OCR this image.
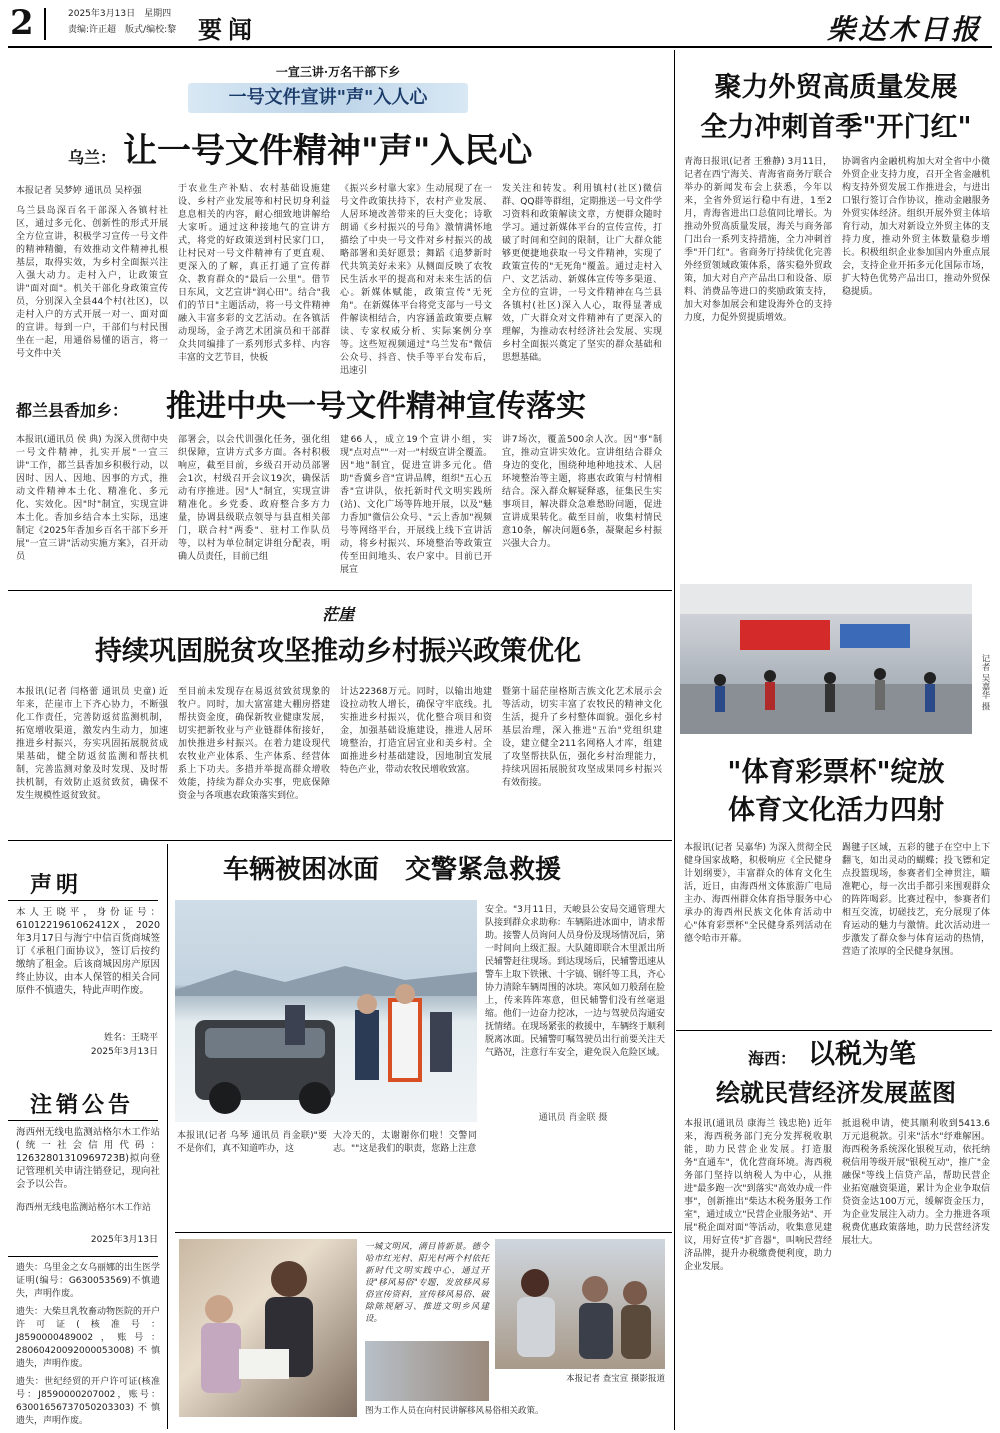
2	2025年3月13日　星期四
责编:许正超　版式/编校:黎 要闻	柴达木日报
一宣三讲·万名干部下乡
一号文件宣讲"声"入人心
乌兰： 让一号文件精神"声"入民心
本报记者 吴梦婷 通讯员 吴梓强
乌兰县岛深百名干部深入各镇村社区，通过多元化、创新性的形式开展全方位宣讲，积极学习宣传一号文件的精神精髓，有效推动文件精神扎根基层，取得实效，为乡村全面振兴注入强大动力。走村入户，让政策宣讲"面对面"。机关干部化身政策宣传员，分别深入全县44个村(社区)，以走村入户的方式开展一对一、面对面的宣讲。每到一户，干部们与村民围坐在一起，用通俗易懂的语言，将一号文件中关
于农业生产补贴、农村基础设施建设、乡村产业发展等和村民切身利益息息相关的内容，耐心细致地讲解给大家听。通过这种接地气的宣讲方式，将党的好政策送到村民家门口，让村民对一号文件精神有了更直观、更深入的了解，真正打通了宣传群众、教育群众的"最后一公里"。借节日东风，文艺宣讲"润心田"。结合"我们的节日"主题活动，将一号文件精神融入丰富多彩的文艺活动。在各镇活动现场，金子湾艺术团演员和干部群众共同编排了一系列形式多样、内容丰富的文艺节目，快板
《振兴乡村靠大家》生动展现了在一号文件政策扶持下，农村产业发展、人居环境改善带来的巨大变化；诗歌朗诵《乡村振兴的号角》激情满怀地描绘了中央一号文件对乡村振兴的战略部署和美好愿景；舞蹈《追梦新时代共筑美好未来》从侧面反映了农牧民生活水平的提高和对未来生活的信心。新媒体赋能，政策宣传"无死角"。在新媒体平台将党支部与一号文件解读相结合，内容涵盖政策要点解读、专家权威分析、实际案例分享等。这些短视频通过"乌兰发布"微信公众号、抖音、快手等平台发布后，迅速引
发关注和转发。利用镇村(社区)微信群、QQ群等群组，定期推送一号文件学习资料和政策解读文章，方便群众随时学习。通过新媒体平台的宣传宣传，打破了时间和空间的限制，让广大群众能够更便捷地获取一号文件精神，实现了政策宣传的"无死角"覆盖。通过走村入户、文艺活动、新媒体宣传等多渠道、全方位的宣讲，一号文件精神在乌兰县各镇村(社区)深入人心，取得显著成效，广大群众对文件精神有了更深入的理解，为推动农村经济社会发展、实现乡村全面振兴奠定了坚实的群众基础和思想基础。
都兰县香加乡： 推进中央一号文件精神宣传落实
本报讯(通讯员 侯 典) 为深入贯彻中央一号文件精神，扎实开展"一宣三讲"工作，都兰县香加乡积极行动，以因时、因人、因地、因事的方式，推动文件精神本土化、精准化、多元化、实效化。因"时"制宜，实现宣讲本土化。香加乡结合本土实际，迅速制定《2025年香加乡百名干部下乡开展"一宣三讲"活动实施方案》，召开动员
部署会，以会代训强化任务，强化组织保障，宣讲方式多方面。各村积极响应，截至目前，乡级召开动员部署会1次，村级召开会议19次，确保活动有序推进。因"人"制宜，实现宣讲精准化。乡党委、政府整合多方力量，协调县级联点领导与县直相关部门，联合村"两委"、驻村工作队员等，以村为单位制定讲组分配表，明确人员责任，目前已组
建66人，成立19个宣讲小组，实现"点对点""一对一"村级宣讲全覆盖。因"地"制宜，促进宣讲多元化。借助"香冀乡音"宣讲品牌，组织"五心五香"宣讲队，依托新时代文明实践所(站)、文化广场等阵地开展，以及"魅力香加"微信公众号、"云上香加"视频号等网络平台，开展线上线下宣讲活动，将乡村振兴、环境整治等政策宣传至田间地头、农户家中。目前已开展宣
讲7场次，覆盖500余人次。因"事"制宜，推动宣讲实效化。宣讲组结合群众身边的变化，围绕种地种地技术、人居环境整治等主题，将惠农政策与村情相结合。深入群众解疑释惑，征集民生实事项目，解决群众急难愁盼问题，促进宣讲成果转化。截至目前，收集村情民意10条，解决问题6条，凝聚起乡村振兴强大合力。
茫崖
持续巩固脱贫攻坚推动乡村振兴政策优化
本报讯(记者 闫格蕾 通讯员 史童) 近年来，茫崖市上下齐心协力，不断强化工作责任，完善防返贫监测机制，拓宽增收渠道，激发内生动力，加速推进乡村振兴，夯实巩固拓展脱贫成果基础，健全防返贫监测和帮扶机制，完善监测对象及时发现、及时帮扶机制，有效防止返贫致贫，确保不发生规模性返贫致贫。
至目前未发现存在易返贫致贫现象的牧户。同时，加大富富建大棚房搭建帮扶资金度，确保新牧业健康发展，切实把新牧业与产业链群体衔接好，加快推进乡村振兴。在着力建设现代农牧业产业体系、生产体系、经营体系上下功夫。多措并举提高群众增收效能，持续为群众办实事，兜底保障资金与各项惠农政策落实到位。
计达22368万元。同时，以输出地建设拉动牧人增长，确保守牢底线。扎实推进乡村振兴，优化整合项目和资金，加强基础设施建设，推进人居环境整治，打造宜居宜业和美乡村。全面推进乡村基础建设，因地制宜发展特色产业，带动农牧民增收致富。
暨第十届茫崖格斯吉族文化艺术展示会等活动，切实丰富了农牧民的精神文化生活，提升了乡村整体面貌。强化乡村基层治理，深入推进"五治"党组织建设，建立健全211名网格人才库，组建了攻坚帮扶队伍，强化乡村治理能力，持续巩固拓展脱贫攻坚成果同乡村振兴有效衔接。
声明
本人王晓平，身份证号：6101221961062412X，2020年3月17日与海宁中信百货商城签订《承租门面协议》，签订后按约缴纳了租金。后该商城因房产原因终止协议，由本人保管的相关合同原件不慎遗失，特此声明作废。
姓名：王晓平
2025年3月13日
注销公告
海西州无线电监测站格尔木工作站(统一社会信用代码：12632801310969723B)拟向登记管理机关申请注销登记，现向社会予以公告。
海西州无线电监测站格尔木工作站
2025年3月13日
遗失：乌里金之女乌丽娜的出生医学证明(编号：G630053569)不慎遗失，声明作废。
遗失：大柴旦乳牧畜动物医院的开户许可证(核准号：J8590000489002，账号：28060420092000053008)不慎遗失，声明作废。
遗失：世纪经贸的开户许可证(核准号：J8590000207002，账号：63001656737050203303)不慎遗失，声明作废。
车辆被困冰面　交警紧急救援
通讯员 肖金联 摄
本报讯(记者 乌琴 通讯员 肖金联)"要不是你们，真不知道咋办，这
大冷天的，太谢谢你们啦！交警同志。""这是我们的职责，您路上注意
安全。"3月11日，天峻县公安局交通管理大队接到群众求助称：车辆陷进冰面中，请求帮助。接警人员询问人员身份及现场情况后，第一时间向上级汇报。大队随即联合木里派出所民辅警赶往现场。到达现场后，民辅警迅速从警车上取下铁锹、十字镐、钢纤等工具，齐心协力清除车辆周围的冰块。寒风如刀般刮在脸上，传来阵阵寒意，但民辅警们没有丝毫退缩。他们一边奋力挖冰，一边与驾驶员沟通安抚情绪。在现场紧张的救援中，车辆终于顺利脱离冰面。民辅警叮嘱驾驶员出行前要关注天气路况，注意行车安全，避免误入危险区域。
一城文明风，满目皆新景。德令哈市红光村、阳光村两个村依托新时代文明实践中心，通过开设"移风易俗"专题，发放移风易俗宣传资料，宣传移风易俗、破除陈规陋习、推进文明乡风建设。
图为工作人员在向村民讲解移风易俗相关政策。
本报记者 查宝宣 摄影报道
聚力外贸高质量发展
全力冲刺首季"开门红"
青海日报讯(记者 王雅静) 3月11日，记者在西宁海关、青海省商务厅联合举办的新闻发布会上获悉，今年以来，全省外贸运行稳中有进，1至2月，青海省进出口总值同比增长。为推动外贸高质量发展，海关与商务部门出台一系列支持措施，全力冲刺首季"开门红"。省商务厅持续优化完善外经贸领域政策体系，落实稳外贸政策，加大对自产产品出口和设备、原料、消费品等进口的奖励政策支持，加大对参加展会和建设海外仓的支持力度，力促外贸提质增效。
协调省内金融机构加大对全省中小微外贸企业支持力度，召开全省金融机构支持外贸发展工作推进会，与进出口银行签订合作协议，推动金融服务外贸实体经济。组织开展外贸主体培育行动，加大对新设立外贸主体的支持力度，推动外贸主体数量稳步增长。积极组织企业参加国内外重点展会，支持企业开拓多元化国际市场，扩大特色优势产品出口，推动外贸保稳提质。
记者 吴嘉华 摄
"体育彩票杯"绽放
体育文化活力四射
本报讯(记者 吴嘉华) 为深入贯彻全民健身国家战略，积极响应《全民健身计划纲要》，丰富群众的体育文化生活，近日，由海西州文体旅游广电局主办、海西州群众体育指导服务中心承办的海西州民族文化体育活动中心"体育彩票杯"全民健身系列活动在德令哈市开幕。
踢毽子区域，五彩的毽子在空中上下翻飞，如出灵动的蝴蝶；投飞镖和定点投篮现场，参赛者们全神贯注，瞄准靶心，每一次出手都引来围观群众的阵阵喝彩。比赛过程中，参赛者们相互交流，切磋技艺，充分展现了体育运动的魅力与激情。此次活动进一步激发了群众参与体育运动的热情，营造了浓厚的全民健身氛围。
海西： 以税为笔
绘就民营经济发展蓝图
本报讯(通讯员 康海兰 钱忠艳) 近年来，海西税务部门充分发挥税收职能，助力民营企业发展。打造服务"直通车"，优化营商环境。海西税务部门坚持以纳税人为中心，从推进"最多跑一次"到落实"高效办成一件事"，创新推出"柴达木税务服务工作室"，通过成立"民营企业服务站"、开展"税企面对面"等活动，收集意见建议，用好宣传"扩音器"，叫响民营经济品牌，提升办税缴费便利度，助力企业发展。
抵退税申请，使其顺利收到5413.6万元退税款。引来"活水"纾难解困。海西税务系统深化银税互动，依托纳税信用等级开展"银税互动"，推广"金融保"等线上信贷产品，帮助民营企业拓宽融资渠道，累计为企业争取信贷资金达100万元，缓解资金压力，为企业发展注入动力。全力推进各项税费优惠政策落地，助力民营经济发展壮大。
